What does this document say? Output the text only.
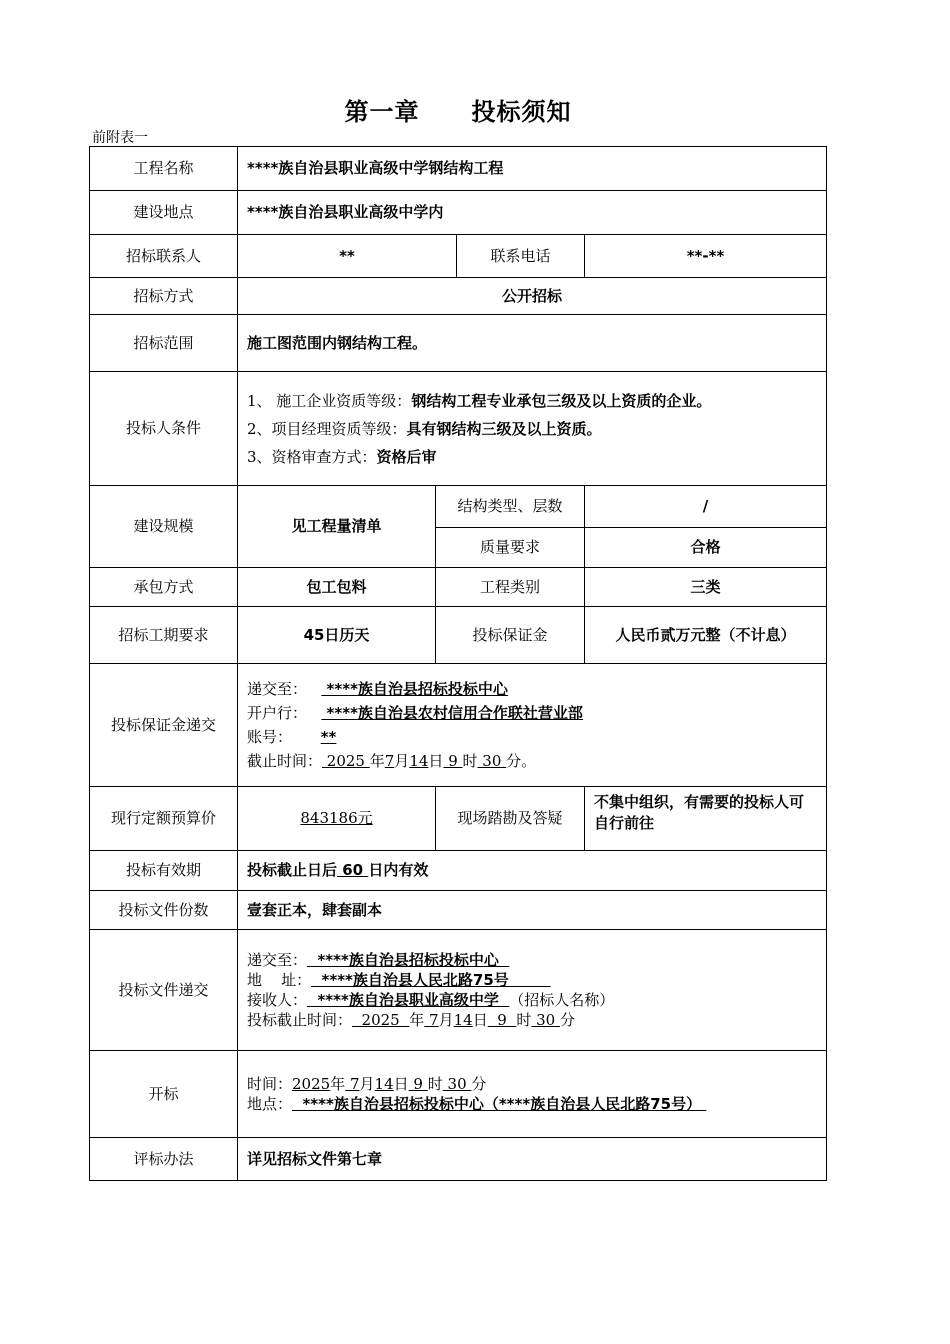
第一章 投标须知
前附表一
工程名称	****族自治县职业高级中学钢结构工程			
建设地点	****族自治县职业高级中学内			
招标联系人	**		联系电话	**-**
招标方式	公开招标			
招标范围	施工图范围内钢结构工程。			
投标人条件	1、 施工企业资质等级：钢结构工程专业承包三级及以上资质的企业。
2、项目经理资质等级：具有钢结构三级及以上资质。
3、资格审查方式：资格后审			

建设规模	见工程量清单	结构类型、层数		/
		质量要求		合格
承包方式	包工包料	工程类别		三类
招标工期要求	45日历天	投标保证金		人民币贰万元整（不计息）
投标保证金递交	递交至：    ****族自治县招标投标中心
开户行：    ****族自治县农村信用合作联社营业部
账号： **
截止时间： 2025 年7月14日 9 时 30 分。			

现行定额预算价	843186元	现场踏勘及答疑		不集中组织，有需要的投标人可自行前往
投标有效期	投标截止日后 60 日内有效			
投标文件份数	壹套正本，肆套副本			
投标文件递交	递交至：  ****族自治县招标投标中心
地    址：  ****族自治县人民北路75号
接收人：  ****族自治县职业高级中学  （招标人名称）
投标截止时间：  2025  年 7月14日  9  时 30 分			

开标	时间：2025年 7月14日 9 时 30 分
地点：  ****族自治县招标投标中心（****族自治县人民北路75号）			

评标办法	详见招标文件第七章			
